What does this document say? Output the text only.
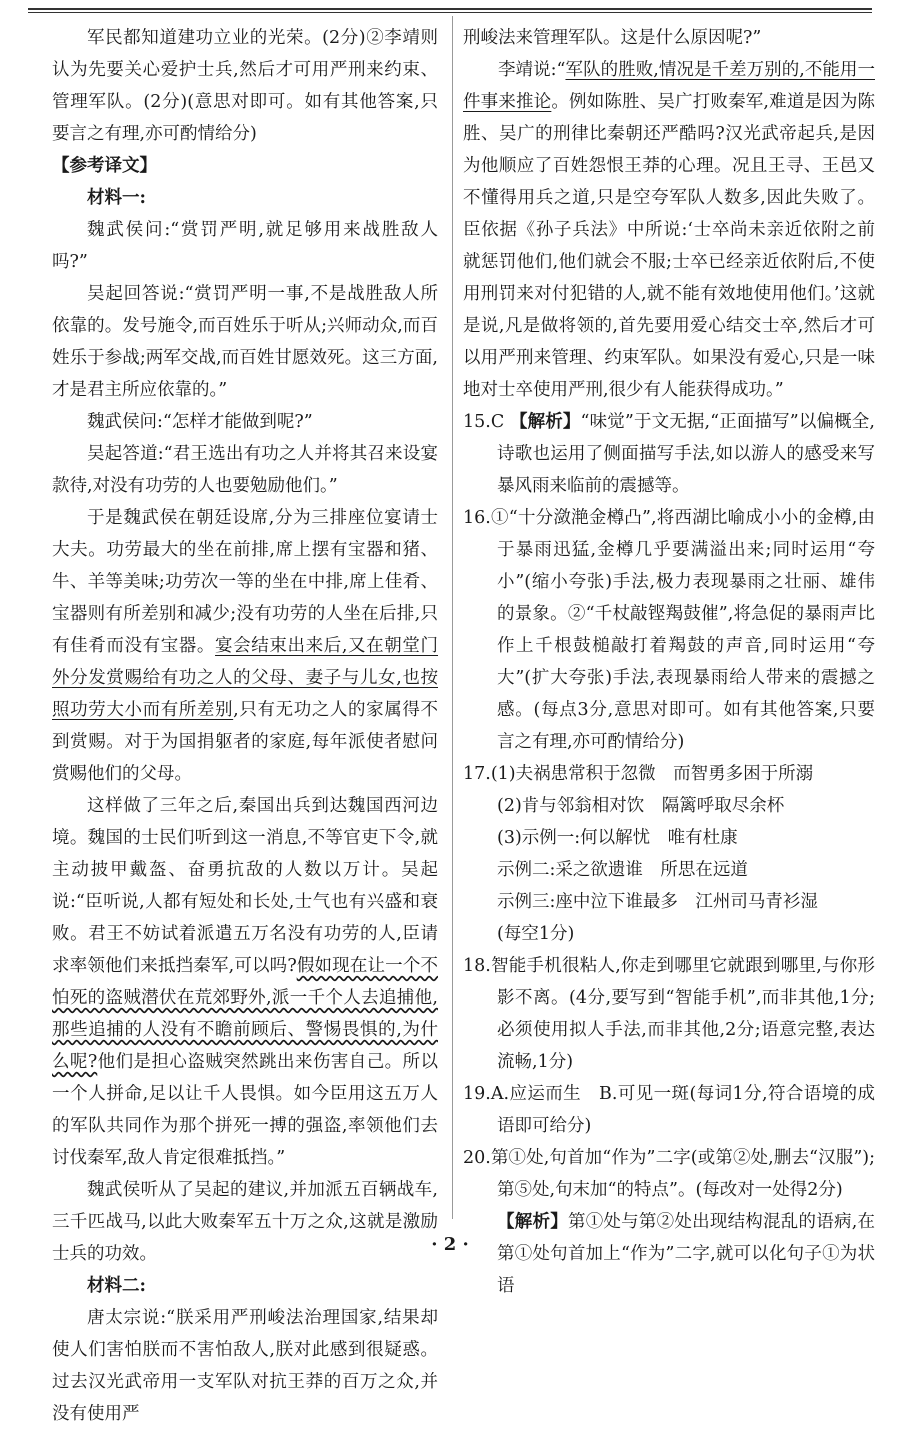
军民都知道建功立业的光荣。(2分)②李靖则认为先要关心爱护士兵,然后才可用严刑来约束、管理军队。(2分)(意思对即可。如有其他答案,只要言之有理,亦可酌情给分)

【参考译文】

材料一:

魏武侯问:“赏罚严明,就足够用来战胜敌人吗?”

吴起回答说:“赏罚严明一事,不是战胜敌人所依靠的。发号施令,而百姓乐于听从;兴师动众,而百姓乐于参战;两军交战,而百姓甘愿效死。这三方面,才是君主所应依靠的。”

魏武侯问:“怎样才能做到呢?”

吴起答道:“君王选出有功之人并将其召来设宴款待,对没有功劳的人也要勉励他们。”

于是魏武侯在朝廷设席,分为三排座位宴请士大夫。功劳最大的坐在前排,席上摆有宝器和猪、牛、羊等美味;功劳次一等的坐在中排,席上佳肴、宝器则有所差别和减少;没有功劳的人坐在后排,只有佳肴而没有宝器。宴会结束出来后,又在朝堂门外分发赏赐给有功之人的父母、妻子与儿女,也按照功劳大小而有所差别,只有无功之人的家属得不到赏赐。对于为国捐躯者的家庭,每年派使者慰问赏赐他们的父母。

这样做了三年之后,秦国出兵到达魏国西河边境。魏国的士民们听到这一消息,不等官吏下令,就主动披甲戴盔、奋勇抗敌的人数以万计。吴起说:“臣听说,人都有短处和长处,士气也有兴盛和衰败。君王不妨试着派遣五万名没有功劳的人,臣请求率领他们来抵挡秦军,可以吗?假如现在让一个不怕死的盗贼潜伏在荒郊野外,派一千个人去追捕他,那些追捕的人没有不瞻前顾后、警惕畏惧的,为什么呢?他们是担心盗贼突然跳出来伤害自己。所以一个人拼命,足以让千人畏惧。如今臣用这五万人的军队共同作为那个拼死一搏的强盗,率领他们去讨伐秦军,敌人肯定很难抵挡。”

魏武侯听从了吴起的建议,并加派五百辆战车,三千匹战马,以此大败秦军五十万之众,这就是激励士兵的功效。

材料二:

唐太宗说:“朕采用严刑峻法治理国家,结果却使人们害怕朕而不害怕敌人,朕对此感到很疑惑。过去汉光武帝用一支军队对抗王莽的百万之众,并没有使用严

刑峻法来管理军队。这是什么原因呢?”

李靖说:“军队的胜败,情况是千差万别的,不能用一件事来推论。例如陈胜、吴广打败秦军,难道是因为陈胜、吴广的刑律比秦朝还严酷吗?汉光武帝起兵,是因为他顺应了百姓怨恨王莽的心理。况且王寻、王邑又不懂得用兵之道,只是空夸军队人数多,因此失败了。臣依据《孙子兵法》中所说:‘士卒尚未亲近依附之前就惩罚他们,他们就会不服;士卒已经亲近依附后,不使用刑罚来对付犯错的人,就不能有效地使用他们。’这就是说,凡是做将领的,首先要用爱心结交士卒,然后才可以用严刑来管理、约束军队。如果没有爱心,只是一味地对士卒使用严刑,很少有人能获得成功。”

15.C 【解析】“味觉”于文无据,“正面描写”以偏概全,诗歌也运用了侧面描写手法,如以游人的感受来写暴风雨来临前的震撼等。

16.①“十分潋滟金樽凸”,将西湖比喻成小小的金樽,由于暴雨迅猛,金樽几乎要满溢出来;同时运用“夸小”(缩小夸张)手法,极力表现暴雨之壮丽、雄伟的景象。②“千杖敲铿羯鼓催”,将急促的暴雨声比作上千根鼓槌敲打着羯鼓的声音,同时运用“夸大”(扩大夸张)手法,表现暴雨给人带来的震撼之感。(每点3分,意思对即可。如有其他答案,只要言之有理,亦可酌情给分)

17.(1)夫祸患常积于忽微　而智勇多困于所溺

(2)肯与邻翁相对饮　隔篱呼取尽余杯

(3)示例一:何以解忧　唯有杜康

示例二:采之欲遗谁　所思在远道

示例三:座中泣下谁最多　江州司马青衫湿

(每空1分)

18.智能手机很粘人,你走到哪里它就跟到哪里,与你形影不离。(4分,要写到“智能手机”,而非其他,1分;必须使用拟人手法,而非其他,2分;语意完整,表达流畅,1分)

19.A.应运而生　B.可见一斑(每词1分,符合语境的成语即可给分)

20.第①处,句首加“作为”二字(或第②处,删去“汉服”);第⑤处,句末加“的特点”。(每改对一处得2分)

【解析】第①处与第②处出现结构混乱的语病,在第①处句首加上“作为”二字,就可以化句子①为状语

· 2 ·
